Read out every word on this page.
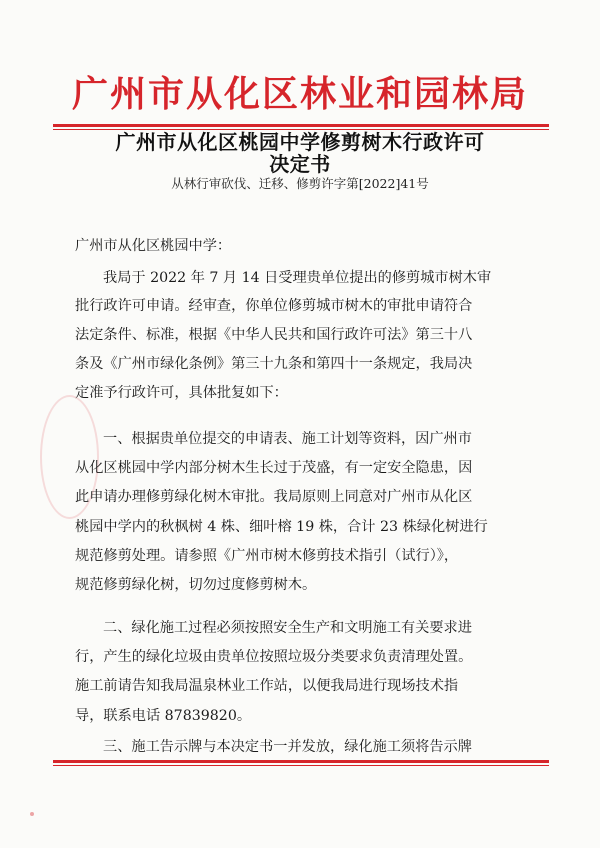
广州市从化区林业和园林局
广州市从化区桃园中学修剪树木行政许可
决定书
从林行审砍伐、迁移、修剪许字第[2022]41号
广州市从化区桃园中学：
我局于 2022 年 7 月 14 日受理贵单位提出的修剪城市树木审
批行政许可申请。经审查，你单位修剪城市树木的审批申请符合
法定条件、标准，根据《中华人民共和国行政许可法》第三十八
条及《广州市绿化条例》第三十九条和第四十一条规定，我局决
定准予行政许可，具体批复如下：
一、根据贵单位提交的申请表、施工计划等资料，因广州市
从化区桃园中学内部分树木生长过于茂盛，有一定安全隐患，因
此申请办理修剪绿化树木审批。我局原则上同意对广州市从化区
桃园中学内的秋枫树 4 株、细叶榕 19 株，合计 23 株绿化树进行
规范修剪处理。请参照《广州市树木修剪技术指引（试行）》，
规范修剪绿化树，切勿过度修剪树木。
二、绿化施工过程必须按照安全生产和文明施工有关要求进
行，产生的绿化垃圾由贵单位按照垃圾分类要求负责清理处置。
施工前请告知我局温泉林业工作站，以便我局进行现场技术指
导，联系电话 87839820。
三、施工告示牌与本决定书一并发放，绿化施工须将告示牌
